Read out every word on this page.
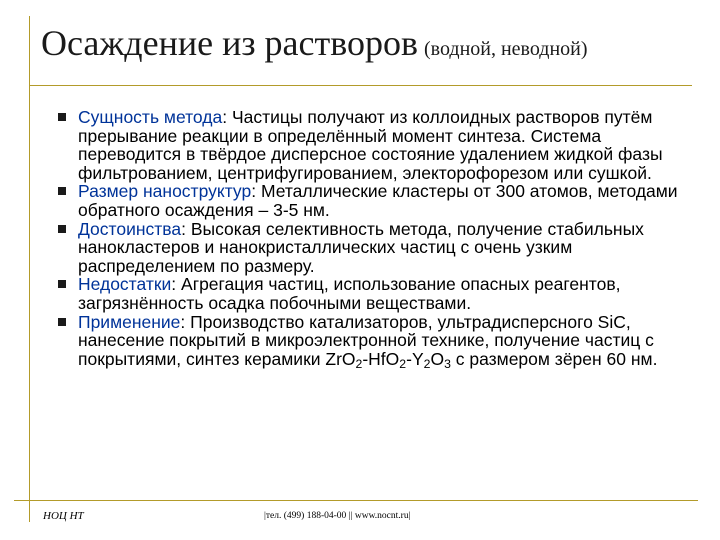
Осаждение из растворов (водной, неводной)
Сущность метода: Частицы получают из коллоидных растворов путём прерывание реакции в определённый момент синтеза. Система переводится в твёрдое дисперсное состояние удалением жидкой фазы фильтрованием, центрифугированием, электорофорезом или сушкой.
Размер наноструктур: Металлические кластеры от 300 атомов, методами обратного осаждения – 3-5 нм.
Достоинства: Высокая селективность метода, получение стабильных нанокластеров и нанокристаллических частиц с очень узким распределением по размеру.
Недостатки: Агрегация частиц, использование опасных реагентов, загрязнённость осадка побочными веществами.
Применение: Производство катализаторов, ультрадисперсного SiC, нанесение покрытий в микроэлектронной технике, получение частиц с покрытиями, синтез керамики $ZrO_2-HfO_2-Y_2O_3$ с размером зёрен 60 нм.
НОЦ НТ	|тел. (499) 188-04-00 || www.nocnt.ru|
